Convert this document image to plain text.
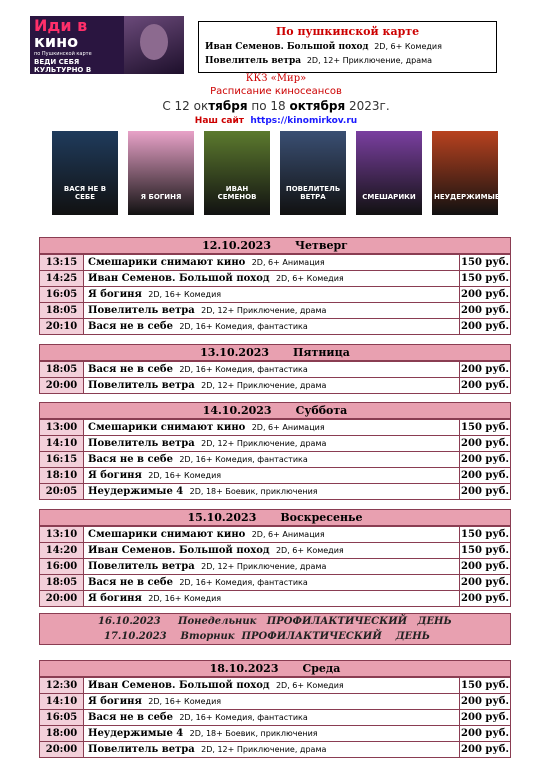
Иди в
кино
по Пушкинской карте
ВЕДИ СЕБЯ КУЛЬТУРНО В КИНО!
По пушкинской карте
Иван Семенов. Большой поход 2D, 6+ Комедия
Повелитель ветра 2D, 12+ Приключение, драма
ККЗ «Мир»
Расписание киносеансов
С 12 октября по 18 октября 2023г.
Наш сайт https://kinomirkov.ru
ВАСЯ НЕ В СЕБЕ	Я БОГИНЯ
ИВАН СЕМЕНОВ
ПОВЕЛИТЕЛЬ ВЕТРА	СМЕШАРИКИ	НЕУДЕРЖИМЫЕ
12.10.2023 Четверг
13:15	Смешарики снимают кино 2D, 6+ Анимация	150 руб.
14:25	Иван Семенов. Большой поход 2D, 6+ Комедия	150 руб.
16:05	Я богиня 2D, 16+ Комедия	200 руб.
18:05	Повелитель ветра 2D, 12+ Приключение, драма	200 руб.
20:10	Вася не в себе 2D, 16+ Комедия, фантастика	200 руб.
13.10.2023 Пятница
18:05	Вася не в себе 2D, 16+ Комедия, фантастика	200 руб.
20:00	Повелитель ветра 2D, 12+ Приключение, драма	200 руб.
14.10.2023 Суббота
13:00	Смешарики снимают кино 2D, 6+ Анимация	150 руб.
14:10	Повелитель ветра 2D, 12+ Приключение, драма	200 руб.
16:15	Вася не в себе 2D, 16+ Комедия, фантастика	200 руб.
18:10	Я богиня 2D, 16+ Комедия	200 руб.
20:05	Неудержимые 4 2D, 18+ Боевик, приключения	200 руб.
15.10.2023 Воскресенье
13:10	Смешарики снимают кино 2D, 6+ Анимация	150 руб.
14:20	Иван Семенов. Большой поход 2D, 6+ Комедия	150 руб.
16:00	Повелитель ветра 2D, 12+ Приключение, драма	200 руб.
18:05	Вася не в себе 2D, 16+ Комедия, фантастика	200 руб.
20:00	Я богиня 2D, 16+ Комедия	200 руб.
18.10.2023 Среда
12:30	Иван Семенов. Большой поход 2D, 6+ Комедия	150 руб.
14:10	Я богиня 2D, 16+ Комедия	200 руб.
16:05	Вася не в себе 2D, 16+ Комедия, фантастика	200 руб.
18:00	Неудержимые 4 2D, 18+ Боевик, приключения	200 руб.
20:00	Повелитель ветра 2D, 12+ Приключение, драма	200 руб.
16.10.2023     Понедельник   ПРОФИЛАКТИЧЕСКИЙ   ДЕНЬ
17.10.2023    Вторник  ПРОФИЛАКТИЧЕСКИЙ    ДЕНЬ
